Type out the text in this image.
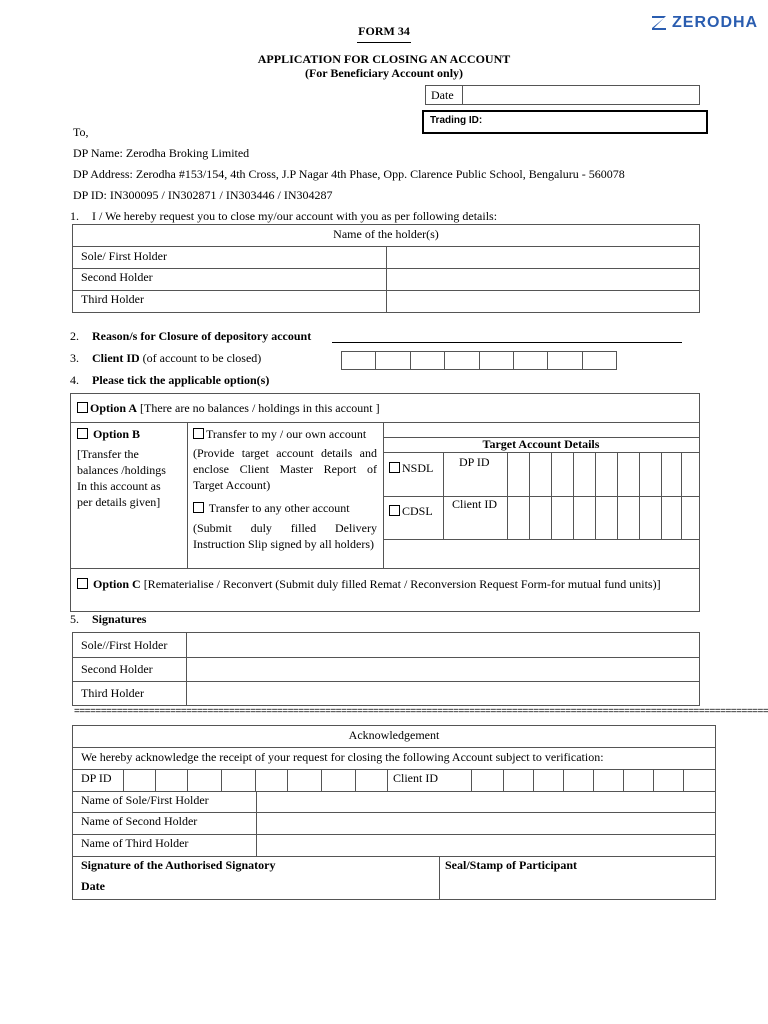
ZERODHA
FORM 34
APPLICATION FOR CLOSING AN ACCOUNT
(For Beneficiary Account only)
Date
Trading ID:
To,
DP Name: Zerodha Broking Limited
DP Address: Zerodha #153/154, 4th Cross, J.P Nagar 4th Phase, Opp. Clarence Public School, Bengaluru - 560078
DP ID: IN300095 / IN302871 / IN303446 / IN304287
1. I / We hereby request you to close my/our account with you as per following details:
Name of the holder(s)
Sole/ First Holder
Second Holder
Third Holder
2. Reason/s for Closure of depository account
3. Client ID (of account to be closed)
4. Please tick the applicable option(s)
Option A [There are no balances / holdings in this account ]
Option B
[Transfer the
balances /holdings
In this account as
per details given]
Transfer to my / our own account
(Provide target account details and enclose Client Master Report of Target Account)
Transfer to any other account
(Submit duly filled Delivery Instruction Slip signed by all holders)
Target Account Details
NSDL
CDSL
DP ID
Client ID
Option C [Rematerialise / Reconvert (Submit duly filled Remat / Reconversion Request Form-for mutual fund units)]
5. Signatures
Sole//First Holder
Second Holder
Third Holder
==================================================================================================================================
Acknowledgement
We hereby acknowledge the receipt of your request for closing the following Account subject to verification:
DP ID	Client ID
Name of Sole/First Holder
Name of Second Holder
Name of Third Holder
Signature of the Authorised Signatory
Date
Seal/Stamp of Participant
